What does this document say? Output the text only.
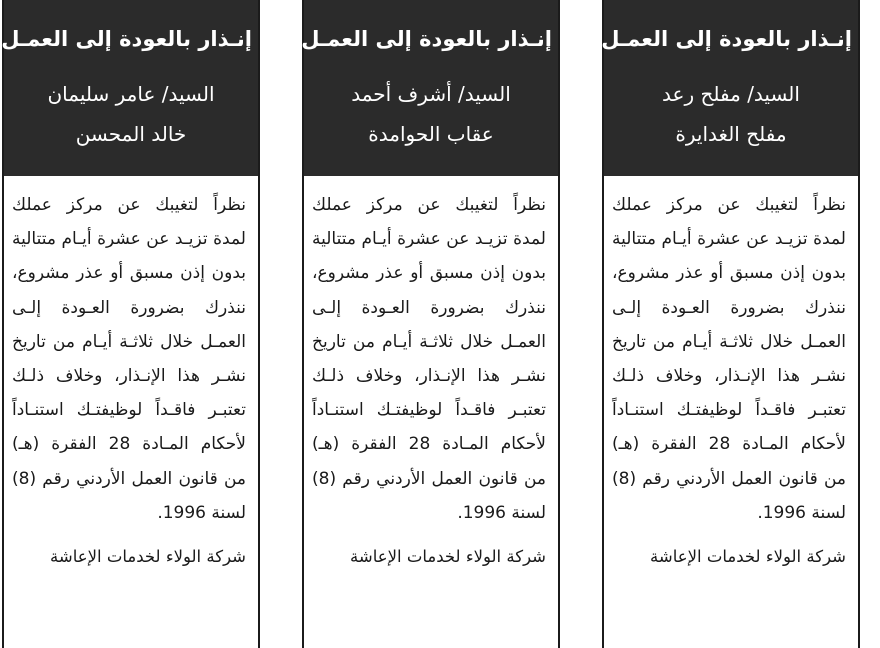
إنـذار بالعودة إلى العمـل
السيد/ مفلح رعد
مفلح الغدايرة

نظراً لتغيبك عن مركز عملك لمدة تزيـد عن عشرة أيـام متتالية بدون إذن مسبق أو عذر مشروع، ننذرك بضرورة العـودة إلـى العمـل خلال ثلاثـة أيـام من تاريخ نشـر هذا الإنـذار، وخلاف ذلـك تعتبـر فاقـداً لوظيفتـك استنـاداً لأحكام المـادة 28 الفقرة (هـ) من قانون العمل الأردني رقم (8) لسنة 1996.

شركة الولاء لخدمات الإعاشة
إنـذار بالعودة إلى العمـل
السيد/ أشرف أحمد
عقاب الحوامدة

نظراً لتغيبك عن مركز عملك لمدة تزيـد عن عشرة أيـام متتالية بدون إذن مسبق أو عذر مشروع، ننذرك بضرورة العـودة إلـى العمـل خلال ثلاثـة أيـام من تاريخ نشـر هذا الإنـذار، وخلاف ذلـك تعتبـر فاقـداً لوظيفتـك استنـاداً لأحكام المـادة 28 الفقرة (هـ) من قانون العمل الأردني رقم (8) لسنة 1996.

شركة الولاء لخدمات الإعاشة
إنـذار بالعودة إلى العمـل
السيد/ عامر سليمان
خالد المحسن

نظراً لتغيبك عن مركز عملك لمدة تزيـد عن عشرة أيـام متتالية بدون إذن مسبق أو عذر مشروع، ننذرك بضرورة العـودة إلـى العمـل خلال ثلاثـة أيـام من تاريخ نشـر هذا الإنـذار، وخلاف ذلـك تعتبـر فاقـداً لوظيفتـك استنـاداً لأحكام المـادة 28 الفقرة (هـ) من قانون العمل الأردني رقم (8) لسنة 1996.

شركة الولاء لخدمات الإعاشة
